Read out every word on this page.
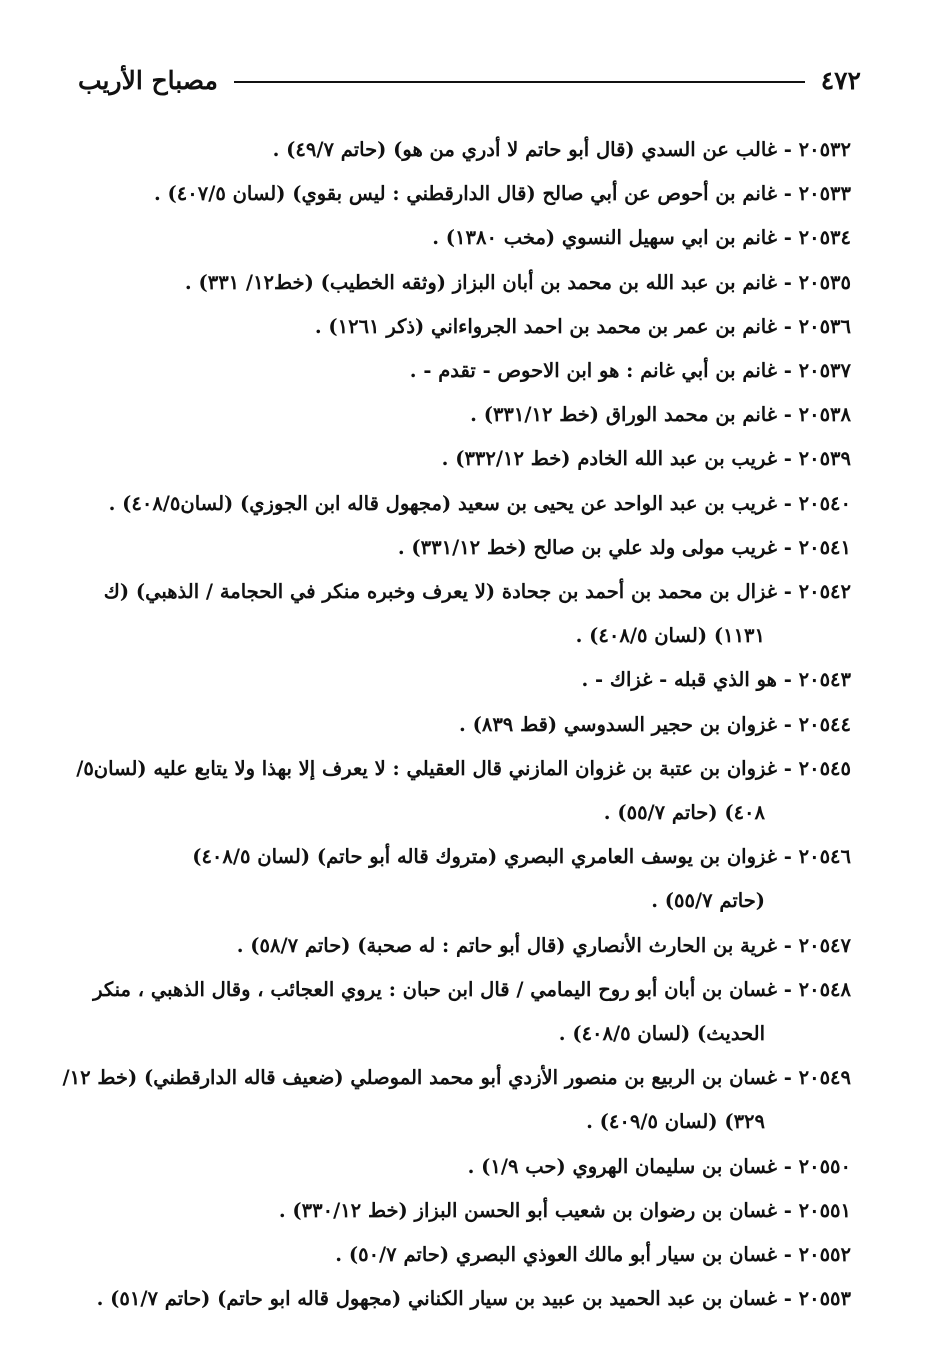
٤٧٢
مصباح الأريب
٢٠٥٣٢ - غالب عن السدي (قال أبو حاتم لا أدري من هو) (حاتم ٤٩/٧) .
٢٠٥٣٣ - غانم بن أحوص عن أبي صالح (قال الدارقطني : ليس بقوي) (لسان ٤٠٧/٥) .
٢٠٥٣٤ - غانم بن ابي سهيل النسوي (مخب ١٣٨٠) .
٢٠٥٣٥ - غانم بن عبد الله بن محمد بن أبان البزاز (وثقه الخطيب) (خط١٢/ ٣٣١) .
٢٠٥٣٦ - غانم بن عمر بن محمد بن احمد الجرواءاني (ذكر ١٢٦١) .
٢٠٥٣٧ - غانم بن أبي غانم : هو ابن الاحوص - تقدم - .
٢٠٥٣٨ - غانم بن محمد الوراق (خط ٣٣١/١٢) .
٢٠٥٣٩ - غريب بن عبد الله الخادم (خط ٣٣٢/١٢) .
٢٠٥٤٠ - غريب بن عبد الواحد عن يحيى بن سعيد (مجهول قاله ابن الجوزي) (لسان٤٠٨/٥) .
٢٠٥٤١ - غريب مولى ولد علي بن صالح (خط ٣٣١/١٢) .
٢٠٥٤٢ - غزال بن محمد بن أحمد بن جحادة (لا يعرف وخبره منكر في الحجامة / الذهبي) (ك
١١٣١) (لسان ٤٠٨/٥) .
٢٠٥٤٣ - هو الذي قبله - غزاك - .
٢٠٥٤٤ - غزوان بن حجير السدوسي (قط ٨٣٩) .
٢٠٥٤٥ - غزوان بن عتبة بن غزوان المازني قال العقيلي : لا يعرف إلا بهذا ولا يتابع عليه (لسان٥/
٤٠٨) (حاتم ٥٥/٧) .
٢٠٥٤٦ - غزوان بن يوسف العامري البصري (متروك قاله أبو حاتم) (لسان ٤٠٨/٥)
(حاتم ٥٥/٧) .
٢٠٥٤٧ - غرية بن الحارث الأنصاري (قال أبو حاتم : له صحبة) (حاتم ٥٨/٧) .
٢٠٥٤٨ - غسان بن أبان أبو روح اليمامي / قال ابن حبان : يروي العجائب ، وقال الذهبي ، منكر
الحديث) (لسان ٤٠٨/٥) .
٢٠٥٤٩ - غسان بن الربيع بن منصور الأزدي أبو محمد الموصلي (ضعيف قاله الدارقطني) (خط ١٢/
٣٢٩) (لسان ٤٠٩/٥) .
٢٠٥٥٠ - غسان بن سليمان الهروي (حب ١/٩) .
٢٠٥٥١ - غسان بن رضوان بن شعيب أبو الحسن البزاز (خط ٣٣٠/١٢) .
٢٠٥٥٢ - غسان بن سيار أبو مالك العوذي البصري (حاتم ٥٠/٧) .
٢٠٥٥٣ - غسان بن عبد الحميد بن عبيد بن سيار الكناني (مجهول قاله ابو حاتم) (حاتم ٥١/٧) .
